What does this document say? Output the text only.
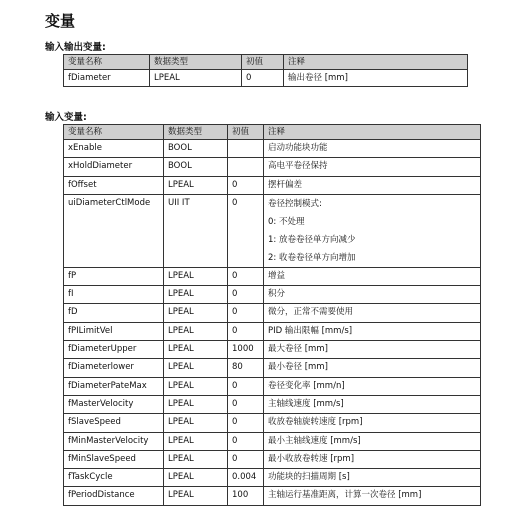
变量
输入输出变量:
变量名称	数据类型	初值	注释
fDiameter	LPEAL	0	输出卷径 [mm]
输入变量:
变量名称	数据类型	初值	注释
xEnable	BOOL		启动功能块功能
xHoldDiameter	BOOL		高电平卷径保持
fOffset	LPEAL	0	摆杆偏差
uiDiameterCtlMode	UII IT	0	卷径控制模式:
0: 不处理
1: 放卷卷径单方向减少
2: 收卷卷径单方向增加

fP	LPEAL	0	增益
fI	LPEAL	0	积分
fD	LPEAL	0	微分，正常不需要使用
fPILimitVel	LPEAL	0	PID 输出限幅 [mm/s]
fDiameterUpper	LPEAL	1000	最大卷径 [mm]
fDiameterlower	LPEAL	80	最小卷径 [mm]
fDiameterPateMax	LPEAL	0	卷径变化率 [mm/n]
fMasterVelocity	LPEAL	0	主轴线速度 [mm/s]
fSlaveSpeed	LPEAL	0	收放卷轴旋转速度 [rpm]
fMinMasterVelocity	LPEAL	0	最小主轴线速度 [mm/s]
fMinSlaveSpeed	LPEAL	0	最小收放卷转速 [rpm]
fTaskCycle	LPEAL	0.004	功能块的扫描周期 [s]
fPeriodDistance	LPEAL	100	主轴运行基准距离，计算一次卷径 [mm]
